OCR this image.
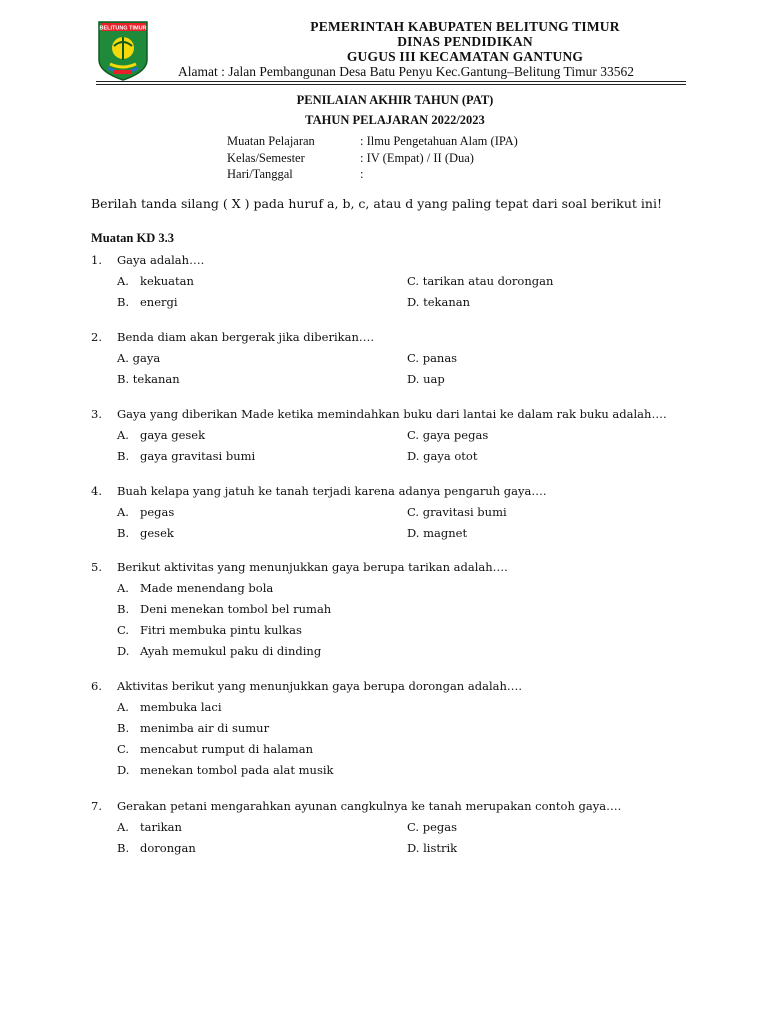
BELITUNG TIMUR	PEMERINTAH KABUPATEN BELITUNG TIMUR
DINAS PENDIDIKAN
GUGUS III KECAMATAN GANTUNG
Alamat : Jalan Pembangunan Desa Batu Penyu Kec.Gantung–Belitung Timur 33562
PENILAIAN AKHIR TAHUN (PAT)
TAHUN PELAJARAN 2022/2023
Muatan Pelajaran	: Ilmu Pengetahuan Alam (IPA)
Kelas/Semester	: IV (Empat) / II (Dua)
Hari/Tanggal	:
Berilah tanda silang ( X ) pada huruf a, b, c, atau d yang paling tepat dari soal berikut ini!
Muatan KD 3.3
1. Gaya adalah….
A. kekuatan
B. energi
C. tarikan atau dorongan
D. tekanan
2. Benda diam akan bergerak jika diberikan….
A. gaya
B. tekanan
C. panas
D. uap
3. Gaya yang diberikan Made ketika memindahkan buku dari lantai ke dalam rak buku adalah….
A. gaya gesek
B. gaya gravitasi bumi
C. gaya pegas
D. gaya otot
4. Buah kelapa yang jatuh ke tanah terjadi karena adanya pengaruh gaya….
A. pegas
B. gesek
C. gravitasi bumi
D. magnet
5. Berikut aktivitas yang menunjukkan gaya berupa tarikan adalah….
A. Made menendang bola
B. Deni menekan tombol bel rumah
C. Fitri membuka pintu kulkas
D. Ayah memukul paku di dinding
6. Aktivitas berikut yang menunjukkan gaya berupa dorongan adalah….
A. membuka laci
B. menimba air di sumur
C. mencabut rumput di halaman
D. menekan tombol pada alat musik
7. Gerakan petani mengarahkan ayunan cangkulnya ke tanah merupakan contoh gaya….
A. tarikan
B. dorongan
C. pegas
D. listrik
